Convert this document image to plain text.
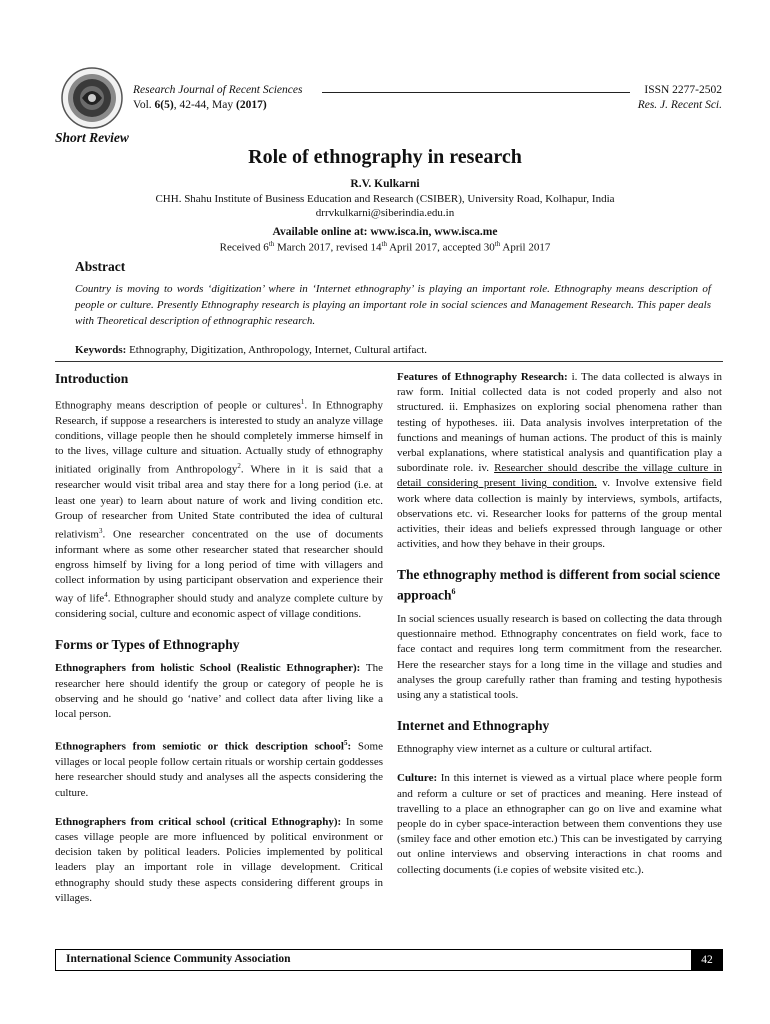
Research Journal of Recent Sciences
Vol. 6(5), 42-44, May (2017)
ISSN 2277-2502
Res. J. Recent Sci.
Short Review
Role of ethnography in research
R.V. Kulkarni
CHH. Shahu Institute of Business Education and Research (CSIBER), University Road, Kolhapur, India
drrvkulkarni@siberindia.edu.in
Available online at: www.isca.in, www.isca.me
Received 6th March 2017, revised 14th April 2017, accepted 30th April 2017
Abstract

Country is moving to words ‘digitization’ where in ‘Internet ethnography’ is playing an important role. Ethnography means description of people or culture. Presently Ethnography research is playing an important role in social sciences and Management Research. This paper deals with Theoretical description of ethnographic research.

Keywords: Ethnography, Digitization, Anthropology, Internet, Cultural artifact.

Introduction

Ethnography means description of people or cultures$^1$. In Ethnography Research, if suppose a researchers is interested to study an analyze village conditions, village people then he should completely immerse himself in to the lives, village culture and situation. Actually study of ethnography initiated originally from Anthropology$^2$. Where in it is said that a researcher would visit tribal area and stay there for a long period (i.e. at least one year) to learn about nature of work and living condition etc. Group of researcher from United State contributed the idea of cultural relativism$^3$. One researcher concentrated on the use of documents informant where as some other researcher stated that researcher should engross himself by living for a long period of time with villagers and collect information by using participant observation and experience their way of life$^4$. Ethnographer should study and analyze complete culture by considering social, culture and economic aspect of village conditions.

Forms or Types of Ethnography

Ethnographers from holistic School (Realistic Ethnographer): The researcher here should identify the group or category of people he is observing and he should go ‘native’ and collect data after living like a local person.

Ethnographers from semiotic or thick description school$^5$: Some villages or local people follow certain rituals or worship certain goddesses here researcher should study and analyses all the aspects considering the culture.

Ethnographers from critical school (critical Ethnography): In some cases village people are more influenced by political environment or decision taken by political leaders. Policies implemented by political leaders play an important role in village development. Critical ethnography should study these aspects considering different groups in villages.

Features of Ethnography Research: i. The data collected is always in raw form. Initial collected data is not coded properly and also not structured. ii. Emphasizes on exploring social phenomena rather than testing of hypotheses. iii. Data analysis involves interpretation of the functions and meanings of human actions. The product of this is mainly verbal explanations, where statistical analysis and quantification play a subordinate role. iv. Researcher should describe the village culture in detail considering present living condition. v. Involve extensive field work where data collection is mainly by interviews, symbols, artifacts, observations etc. vi. Researcher looks for patterns of the group mental activities, their ideas and beliefs expressed through language or other activities, and how they behave in their groups.

The ethnography method is different from social science approach$^6$

In social sciences usually research is based on collecting the data through questionnaire method. Ethnography concentrates on field work, face to face contact and requires long term commitment from the researcher. Here the researcher stays for a long time in the village and studies and analyses the group carefully rather than framing and testing hypothesis using any a statistical tools.

Internet and Ethnography

Ethnography view internet as a culture or cultural artifact.

Culture: In this internet is viewed as a virtual place where people form and reform a culture or set of practices and meaning. Here instead of travelling to a place an ethnographer can go on live and examine what people do in cyber space-interaction between them conventions they use (smiley face and other emotion etc.) This can be investigated by carrying out online interviews and observing interactions in chat rooms and collecting documents (i.e copies of website visited etc.).

International Science Community Association	42
